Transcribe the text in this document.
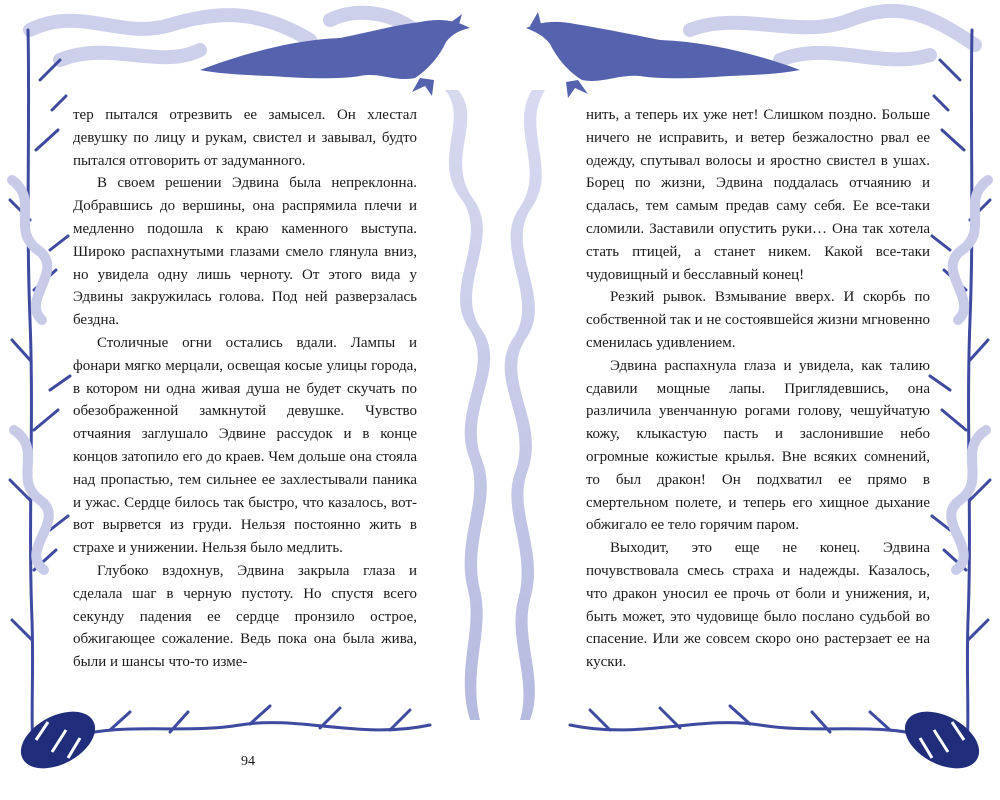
тер пытался отрезвить ее замысел. Он хлестал девушку по лицу и рукам, свистел и завывал, будто пытался отговорить от задуманного.

В своем решении Эдвина была непреклонна. Добравшись до вершины, она распрямила плечи и медленно подошла к краю каменного выступа. Широко распахнутыми глазами смело глянула вниз, но увидела одну лишь черноту. От этого вида у Эдвины закружилась голова. Под ней разверзалась бездна.

Столичные огни остались вдали. Лампы и фонари мягко мерцали, освещая косые улицы города, в котором ни одна живая душа не будет скучать по обезображенной замкнутой девушке. Чувство отчаяния заглушало Эдвине рассудок и в конце концов затопило его до краев. Чем дольше она стояла над пропастью, тем сильнее ее захлестывали паника и ужас. Сердце билось так быстро, что казалось, вот-вот вырвется из груди. Нельзя постоянно жить в страхе и унижении. Нельзя было медлить.

Глубоко вздохнув, Эдвина закрыла глаза и сделала шаг в черную пустоту. Но спустя всего секунду падения ее сердце пронзило острое, обжигающее сожаление. Ведь пока она была жива, были и шансы что-то изме-

94

нить, а теперь их уже нет! Слишком поздно. Больше ничего не исправить, и ветер безжалостно рвал ее одежду, спутывал волосы и яростно свистел в ушах. Борец по жизни, Эдвина поддалась отчаянию и сдалась, тем самым предав саму себя. Ее все-таки сломили. Заставили опустить руки… Она так хотела стать птицей, а станет никем. Какой все-таки чудовищный и бесславный конец!

Резкий рывок. Взмывание вверх. И скорбь по собственной так и не состоявшейся жизни мгновенно сменилась удивлением.

Эдвина распахнула глаза и увидела, как талию сдавили мощные лапы. Приглядевшись, она различила увенчанную рогами голову, чешуйчатую кожу, клыкастую пасть и заслонившие небо огромные кожистые крылья. Вне всяких сомнений, то был дракон! Он подхватил ее прямо в смертельном полете, и теперь его хищное дыхание обжигало ее тело горячим паром.

Выходит, это еще не конец. Эдвина почувствовала смесь страха и надежды. Казалось, что дракон уносил ее прочь от боли и унижения, и, быть может, это чудовище было послано судьбой во спасение. Или же совсем скоро оно растерзает ее на куски.
